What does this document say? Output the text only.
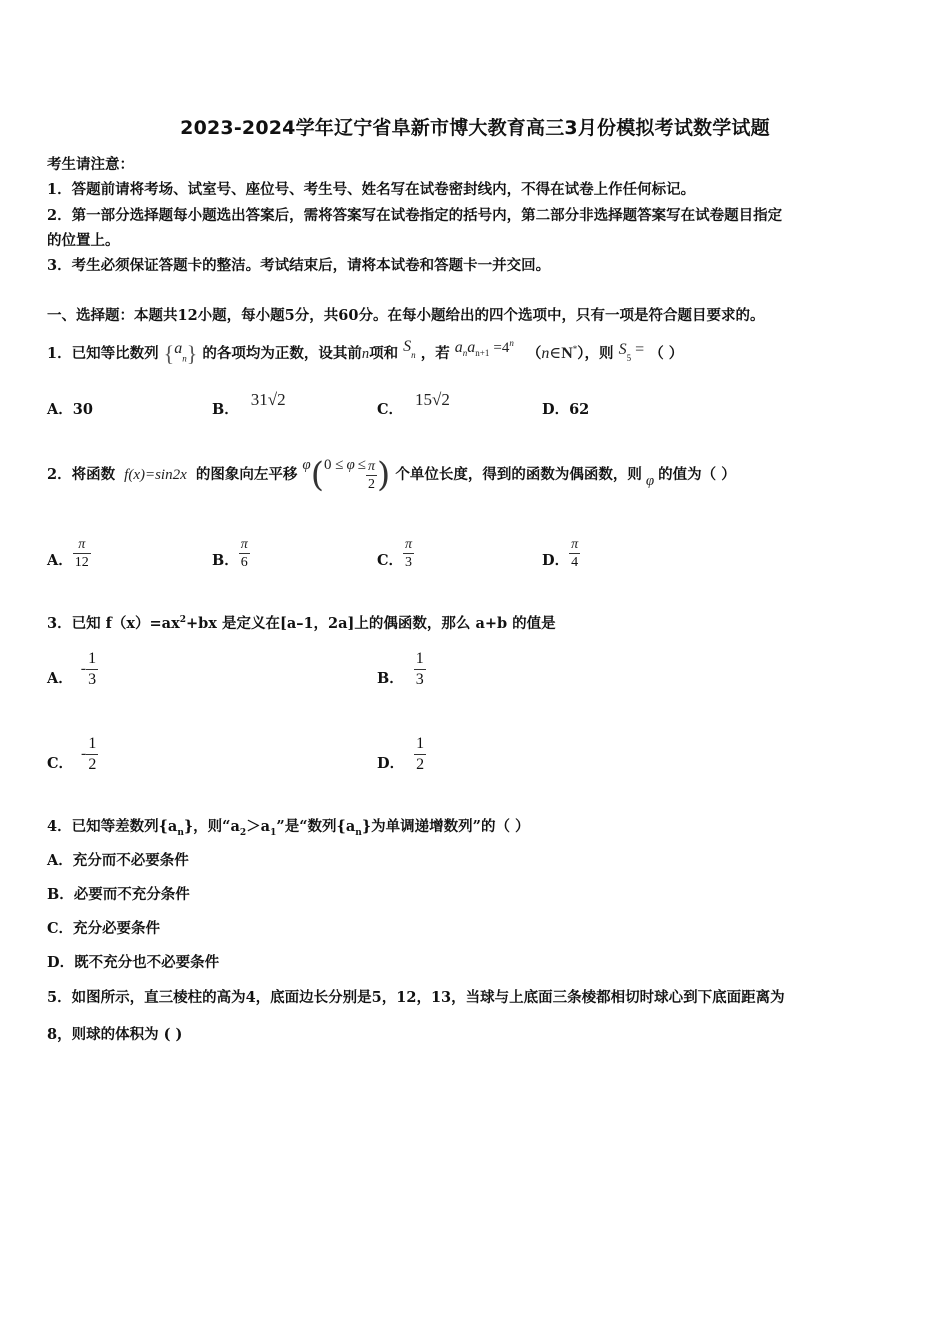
2023-2024学年辽宁省阜新市博大教育高三3月份模拟考试数学试题
考生请注意：
1．答题前请将考场、试室号、座位号、考生号、姓名写在试卷密封线内，不得在试卷上作任何标记。
2．第一部分选择题每小题选出答案后，需将答案写在试卷指定的括号内，第二部分非选择题答案写在试卷题目指定
的位置上。
3．考生必须保证答题卡的整洁。考试结束后，请将本试卷和答题卡一并交回。
一、选择题：本题共12小题，每小题5分，共60分。在每小题给出的四个选项中，只有一项是符合题目要求的。
1．已知等比数列 $\{a_n\}$ 的各项均为正数，设其前n项和 $S_n$ ，若 $a_na_{n+1} =4^n$ （n∈N*），则 $S_5$ = （ ）
A．30	B．31√2
C．15√2
D．62
2．将函数 f(x)=sin2x 的图象向左平移 $\varphi(0 \le \varphi \le \frac{\pi}{2}$ ) 个单位长度，得到的函数为偶函数，则 φ 的值为（ ）
A． $\frac{\pi}{12}$	B． $\frac{\pi}{6}$	C． $\frac{\pi}{3}$	D． $\frac{\pi}{4}$
3．已知 $f(x)=ax^2+bx$ 是定义在[a–1，2a]上的偶函数，那么 a+b 的值是
A．- $\frac{1}{3}$	B． $\frac{1}{3}$
C．- $\frac{1}{2}$	D． $\frac{1}{2}$
4．已知等差数列$\{a_n\}$，则“$a_2>a_1$”是“数列$\{a_n\}$为单调递增数列”的（ ）
A．充分而不必要条件
B．必要而不充分条件
C．充分必要条件
D．既不充分也不必要条件
5．如图所示，直三棱柱的高为4，底面边长分别是5，12，13，当球与上底面三条棱都相切时球心到下底面距离为
8，则球的体积为 ( )
